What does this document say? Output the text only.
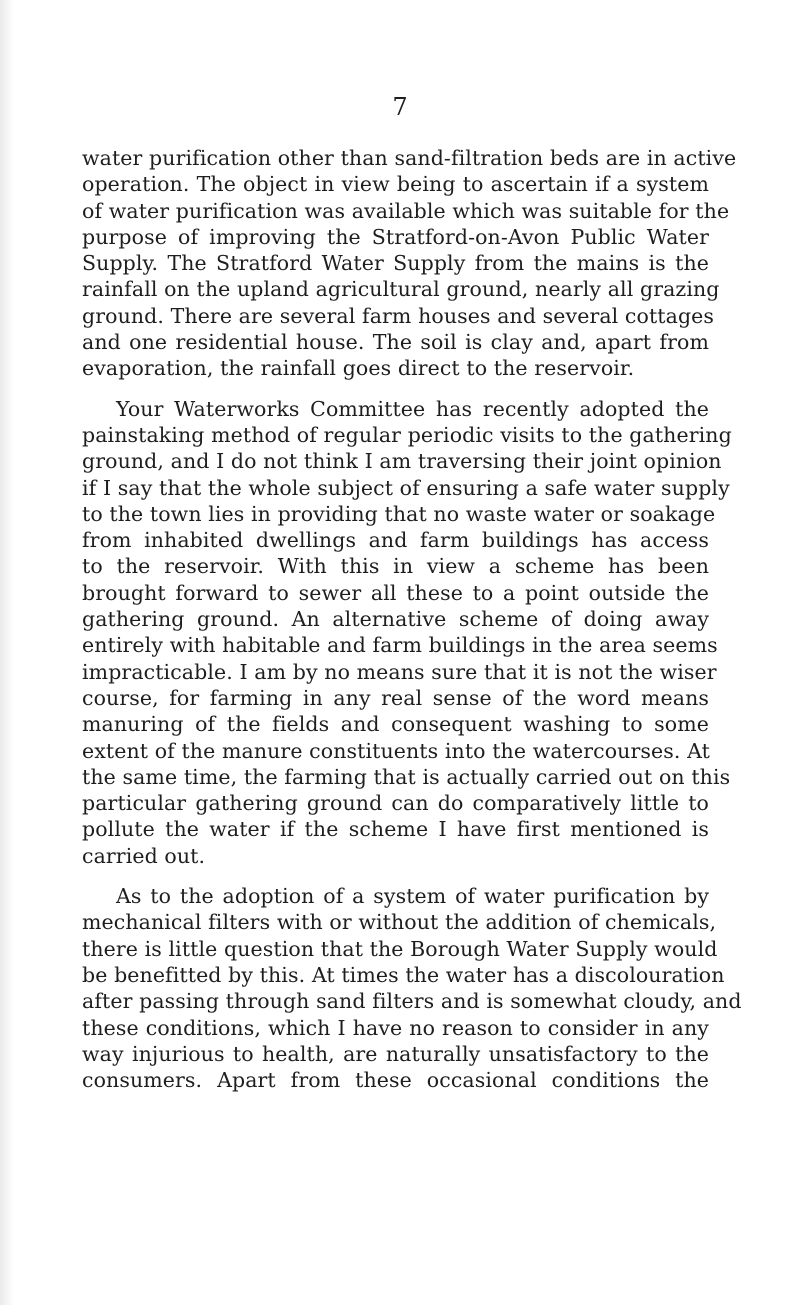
7

water purification other than sand-filtration beds are in active
operation. The object in view being to ascertain if a system
of water purification was available which was suitable for the
purpose of improving the Stratford-on-Avon Public Water
Supply. The Stratford Water Supply from the mains is the
rainfall on the upland agricultural ground, nearly all grazing
ground. There are several farm houses and several cottages
and one residential house. The soil is clay and, apart from
evaporation, the rainfall goes direct to the reservoir.

Your Waterworks Committee has recently adopted the
painstaking method of regular periodic visits to the gathering
ground, and I do not think I am traversing their joint opinion
if I say that the whole subject of ensuring a safe water supply
to the town lies in providing that no waste water or soakage
from inhabited dwellings and farm buildings has access
to the reservoir. With this in view a scheme has been
brought forward to sewer all these to a point outside the
gathering ground. An alternative scheme of doing away
entirely with habitable and farm buildings in the area seems
impracticable. I am by no means sure that it is not the wiser
course, for farming in any real sense of the word means
manuring of the fields and consequent washing to some
extent of the manure constituents into the watercourses. At
the same time, the farming that is actually carried out on this
particular gathering ground can do comparatively little to
pollute the water if the scheme I have first mentioned is
carried out.

As to the adoption of a system of water purification by
mechanical filters with or without the addition of chemicals,
there is little question that the Borough Water Supply would
be benefitted by this. At times the water has a discolouration
after passing through sand filters and is somewhat cloudy, and
these conditions, which I have no reason to consider in any
way injurious to health, are naturally unsatisfactory to the
consumers. Apart from these occasional conditions the
